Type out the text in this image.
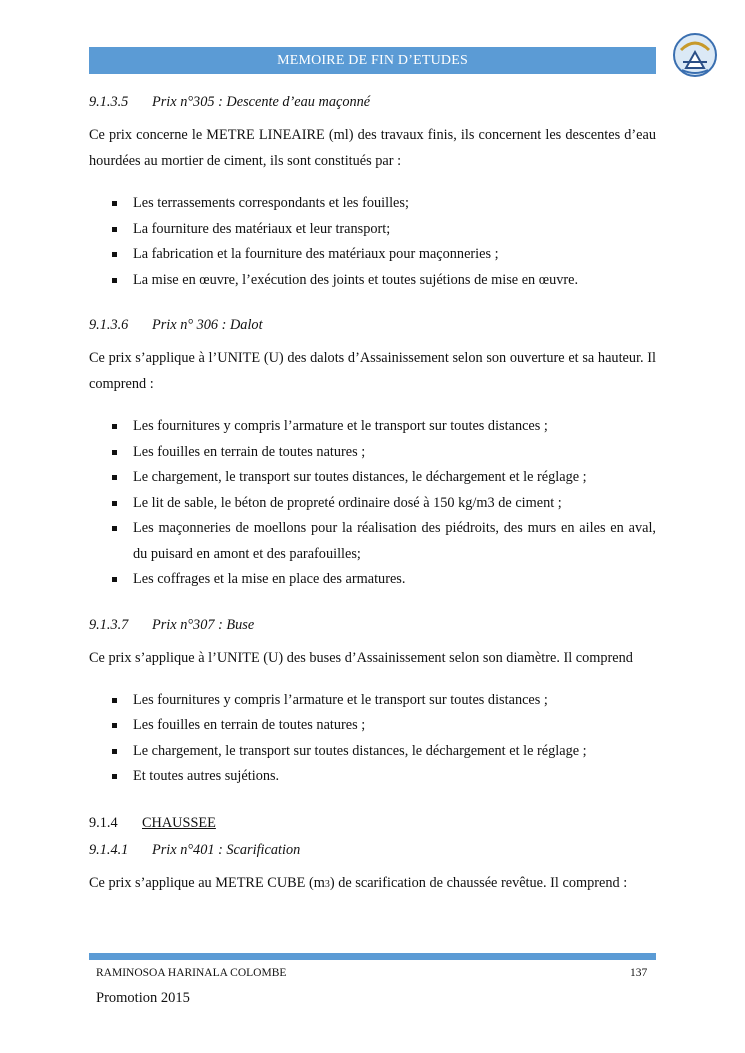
MEMOIRE DE FIN D’ETUDES

9.1.3.5 Prix n°305 : Descente d’eau maçonné

Ce prix concerne le METRE LINEAIRE (ml) des travaux finis, ils concernent les descentes d’eau hourdées au mortier de ciment, ils sont constitués par :

Les terrassements correspondants et les fouilles;
La fourniture des matériaux et leur transport;
La fabrication et la fourniture des matériaux pour maçonneries ;
La mise en œuvre, l’exécution des joints et toutes sujétions de mise en œuvre.

9.1.3.6 Prix n° 306 : Dalot

Ce prix s’applique à l’UNITE (U) des dalots d’Assainissement selon son ouverture et sa hauteur. Il comprend :

Les fournitures y compris l’armature et le transport sur toutes distances ;
Les fouilles en terrain de toutes natures ;
Le chargement, le transport sur toutes distances, le déchargement et le réglage ;
Le lit de sable, le béton de propreté ordinaire dosé à 150 kg/m3 de ciment ;
Les maçonneries de moellons pour la réalisation des piédroits, des murs en ailes en aval, du puisard en amont et des parafouilles;
Les coffrages et la mise en place des armatures.

9.1.3.7 Prix n°307 : Buse

Ce prix s’applique à l’UNITE (U) des buses d’Assainissement selon son diamètre. Il comprend

Les fournitures y compris l’armature et le transport sur toutes distances ;
Les fouilles en terrain de toutes natures ;
Le chargement, le transport sur toutes distances, le déchargement et le réglage ;
Et toutes autres sujétions.

9.1.4 CHAUSSEE

9.1.4.1 Prix n°401 : Scarification

Ce prix s’applique au METRE CUBE (m3) de scarification de chaussée revêtue. Il comprend :

RAMINOSOA HARINALA COLOMBE	137
Promotion 2015
